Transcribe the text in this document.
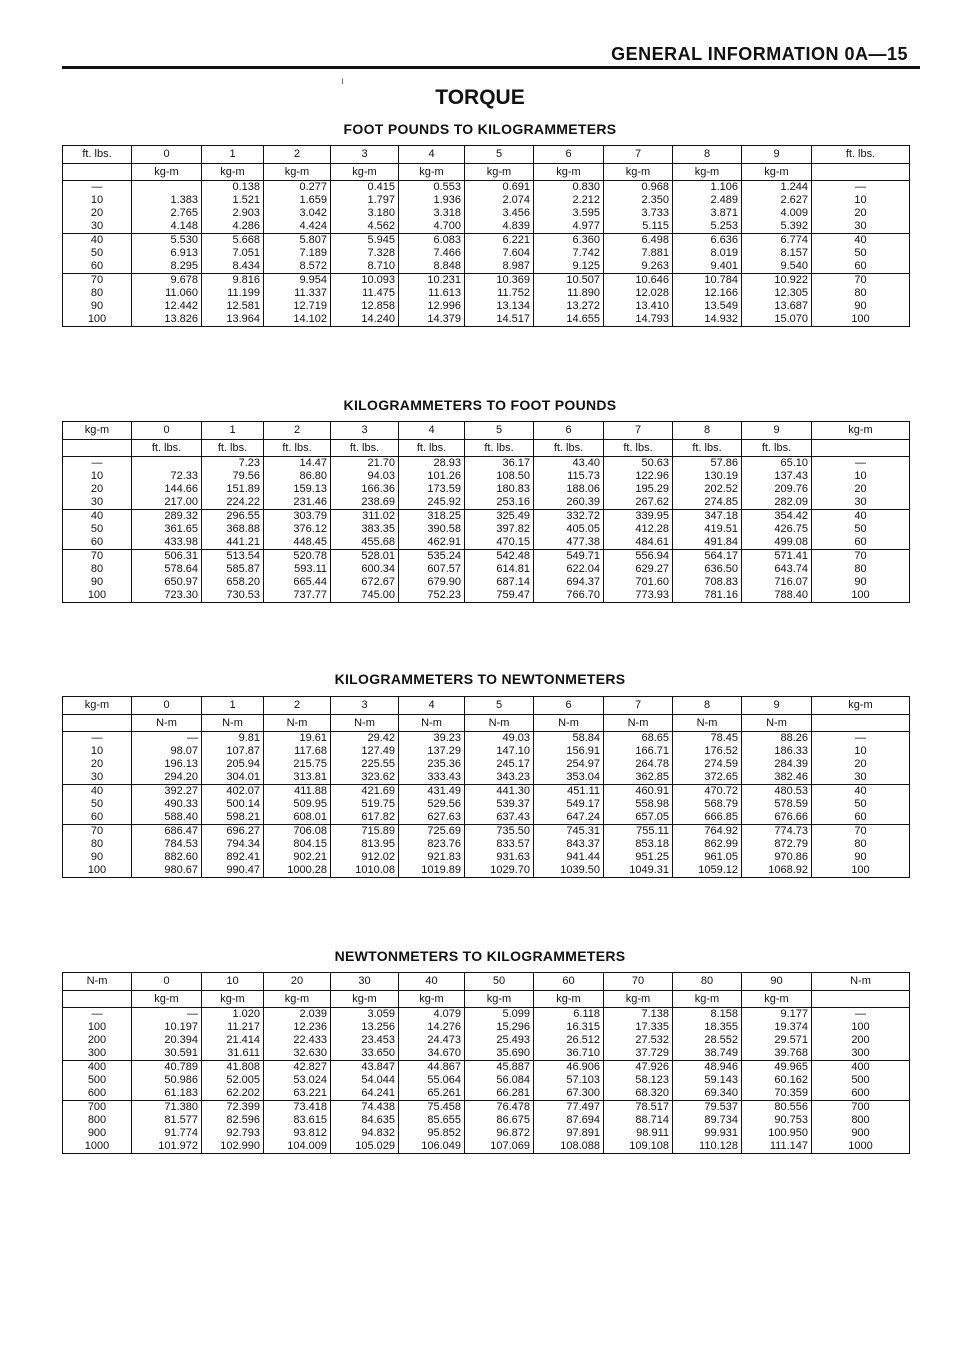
GENERAL INFORMATION 0A—15
ı
TORQUE
FOOT POUNDS TO KILOGRAMMETERS
ft. lbs.	0	1	2	3	4	5	6	7	8	9	ft. lbs.
	kg-m	kg-m	kg-m	kg-m	kg-m	kg-m	kg-m	kg-m	kg-m	kg-m	
—		0.138	0.277	0.415	0.553	0.691	0.830	0.968	1.106	1.244	—
10	1.383	1.521	1.659	1.797	1.936	2.074	2.212	2.350	2.489	2.627	10
20	2.765	2.903	3.042	3.180	3.318	3.456	3.595	3.733	3.871	4.009	20
30	4.148	4.286	4.424	4.562	4.700	4.839	4.977	5.115	5.253	5.392	30
40	5.530	5.668	5.807	5.945	6.083	6.221	6.360	6.498	6.636	6.774	40
50	6.913	7.051	7.189	7.328	7.466	7.604	7.742	7.881	8.019	8.157	50
60	8.295	8.434	8.572	8.710	8.848	8.987	9.125	9.263	9.401	9.540	60
70	9.678	9.816	9.954	10.093	10.231	10.369	10.507	10.646	10.784	10.922	70
80	11.060	11.199	11.337	11.475	11.613	11.752	11.890	12.028	12.166	12.305	80
90	12.442	12.581	12.719	12.858	12.996	13.134	13.272	13.410	13.549	13.687	90
100	13.826	13.964	14.102	14.240	14.379	14.517	14.655	14.793	14.932	15.070	100
KILOGRAMMETERS TO FOOT POUNDS
kg-m	0	1	2	3	4	5	6	7	8	9	kg-m
	ft. lbs.	ft. lbs.	ft. lbs.	ft. lbs.	ft. lbs.	ft. lbs.	ft. lbs.	ft. lbs.	ft. lbs.	ft. lbs.	
—		7.23	14.47	21.70	28.93	36.17	43.40	50.63	57.86	65.10	—
10	72.33	79.56	86.80	94.03	101.26	108.50	115.73	122.96	130.19	137.43	10
20	144.66	151.89	159.13	166.36	173.59	180.83	188.06	195.29	202.52	209.76	20
30	217.00	224.22	231.46	238.69	245.92	253.16	260.39	267.62	274.85	282.09	30
40	289.32	296.55	303.79	311.02	318.25	325.49	332.72	339.95	347.18	354.42	40
50	361.65	368.88	376.12	383.35	390.58	397.82	405.05	412.28	419.51	426.75	50
60	433.98	441.21	448.45	455.68	462.91	470.15	477.38	484.61	491.84	499.08	60
70	506.31	513.54	520.78	528.01	535.24	542.48	549.71	556.94	564.17	571.41	70
80	578.64	585.87	593.11	600.34	607.57	614.81	622.04	629.27	636.50	643.74	80
90	650.97	658.20	665.44	672.67	679.90	687.14	694.37	701.60	708.83	716.07	90
100	723.30	730.53	737.77	745.00	752.23	759.47	766.70	773.93	781.16	788.40	100
KILOGRAMMETERS TO NEWTONMETERS
kg-m	0	1	2	3	4	5	6	7	8	9	kg-m
	N-m	N-m	N-m	N-m	N-m	N-m	N-m	N-m	N-m	N-m	
—	—	9.81	19.61	29.42	39.23	49.03	58.84	68.65	78.45	88.26	—
10	98.07	107.87	117.68	127.49	137.29	147.10	156.91	166.71	176.52	186.33	10
20	196.13	205.94	215.75	225.55	235.36	245.17	254.97	264.78	274.59	284.39	20
30	294.20	304.01	313.81	323.62	333.43	343.23	353.04	362.85	372.65	382.46	30
40	392.27	402.07	411.88	421.69	431.49	441.30	451.11	460.91	470.72	480.53	40
50	490.33	500.14	509.95	519.75	529.56	539.37	549.17	558.98	568.79	578.59	50
60	588.40	598.21	608.01	617.82	627.63	637.43	647.24	657.05	666.85	676.66	60
70	686.47	696.27	706.08	715.89	725.69	735.50	745.31	755.11	764.92	774.73	70
80	784.53	794.34	804.15	813.95	823.76	833.57	843.37	853.18	862.99	872.79	80
90	882.60	892.41	902.21	912.02	921.83	931.63	941.44	951.25	961.05	970.86	90
100	980.67	990.47	1000.28	1010.08	1019.89	1029.70	1039.50	1049.31	1059.12	1068.92	100
NEWTONMETERS TO KILOGRAMMETERS
N-m	0	10	20	30	40	50	60	70	80	90	N-m
	kg-m	kg-m	kg-m	kg-m	kg-m	kg-m	kg-m	kg-m	kg-m	kg-m	
—	—	1.020	2.039	3.059	4.079	5.099	6.118	7.138	8.158	9.177	—
100	10.197	11.217	12.236	13.256	14.276	15.296	16.315	17.335	18.355	19.374	100
200	20.394	21.414	22.433	23.453	24.473	25.493	26.512	27.532	28.552	29.571	200
300	30.591	31.611	32.630	33.650	34.670	35.690	36.710	37.729	38.749	39.768	300
400	40.789	41.808	42.827	43.847	44.867	45.887	46.906	47.926	48.946	49.965	400
500	50.986	52.005	53.024	54.044	55.064	56.084	57.103	58.123	59.143	60.162	500
600	61.183	62.202	63.221	64.241	65.261	66.281	67.300	68.320	69.340	70.359	600
700	71.380	72.399	73.418	74.438	75.458	76.478	77.497	78.517	79.537	80.556	700
800	81.577	82.596	83.615	84.635	85.655	86.675	87.694	88.714	89.734	90.753	800
900	91.774	92.793	93.812	94.832	95.852	96.872	97.891	98.911	99.931	100.950	900
1000	101.972	102.990	104.009	105.029	106.049	107.069	108.088	109.108	110.128	111.147	1000
